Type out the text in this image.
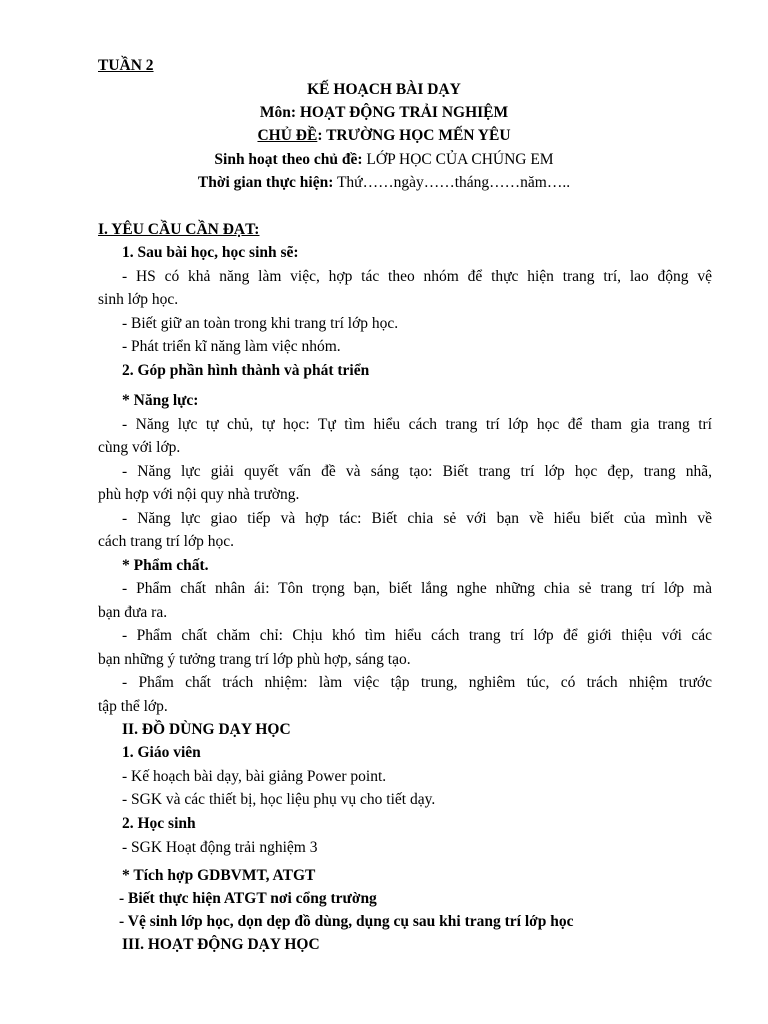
TUẦN 2
KẾ HOẠCH BÀI DẠY
Môn: HOẠT ĐỘNG TRẢI NGHIỆM
CHỦ ĐỀ: TRƯỜNG HỌC MẾN YÊU
Sinh hoạt theo chủ đề: LỚP HỌC CỦA CHÚNG EM
Thời gian thực hiện: Thứ……ngày……tháng……năm…..
I. YÊU CẦU CẦN ĐẠT:
1. Sau bài học, học sinh sẽ:
- HS có khả năng làm việc, hợp tác theo nhóm để thực hiện trang trí, lao động vệ
sinh lớp học.
- Biết giữ an toàn trong khi trang trí lớp học.
- Phát triển kĩ năng làm việc nhóm.
2. Góp phần hình thành và phát triển
* Năng lực:
- Năng lực tự chủ, tự học: Tự tìm hiểu cách trang trí lớp học để tham gia trang trí
cùng với lớp.
- Năng lực giải quyết vấn đề và sáng tạo: Biết trang trí lớp học đẹp, trang nhã,
phù hợp với nội quy nhà trường.
- Năng lực giao tiếp và hợp tác: Biết chia sẻ với bạn về hiểu biết của mình về
cách trang trí lớp học.
* Phẩm chất.
- Phẩm chất nhân ái: Tôn trọng bạn, biết lắng nghe những chia sẻ trang trí lớp mà
bạn đưa ra.
- Phẩm chất chăm chỉ: Chịu khó tìm hiểu cách trang trí lớp để giới thiệu với các
bạn những ý tưởng trang trí lớp phù hợp, sáng tạo.
- Phẩm chất trách nhiệm: làm việc tập trung, nghiêm túc, có trách nhiệm trước
tập thể lớp.
II. ĐỒ DÙNG DẠY HỌC
1. Giáo viên
- Kế hoạch bài dạy, bài giảng Power point.
- SGK và các thiết bị, học liệu phụ vụ cho tiết dạy.
2. Học sinh
- SGK Hoạt động trải nghiệm 3
* Tích hợp GDBVMT, ATGT
- Biết thực hiện ATGT nơi cổng trường
- Vệ sinh lớp học, dọn dẹp đồ dùng, dụng cụ sau khi trang trí lớp học
III. HOẠT ĐỘNG DẠY HỌC
